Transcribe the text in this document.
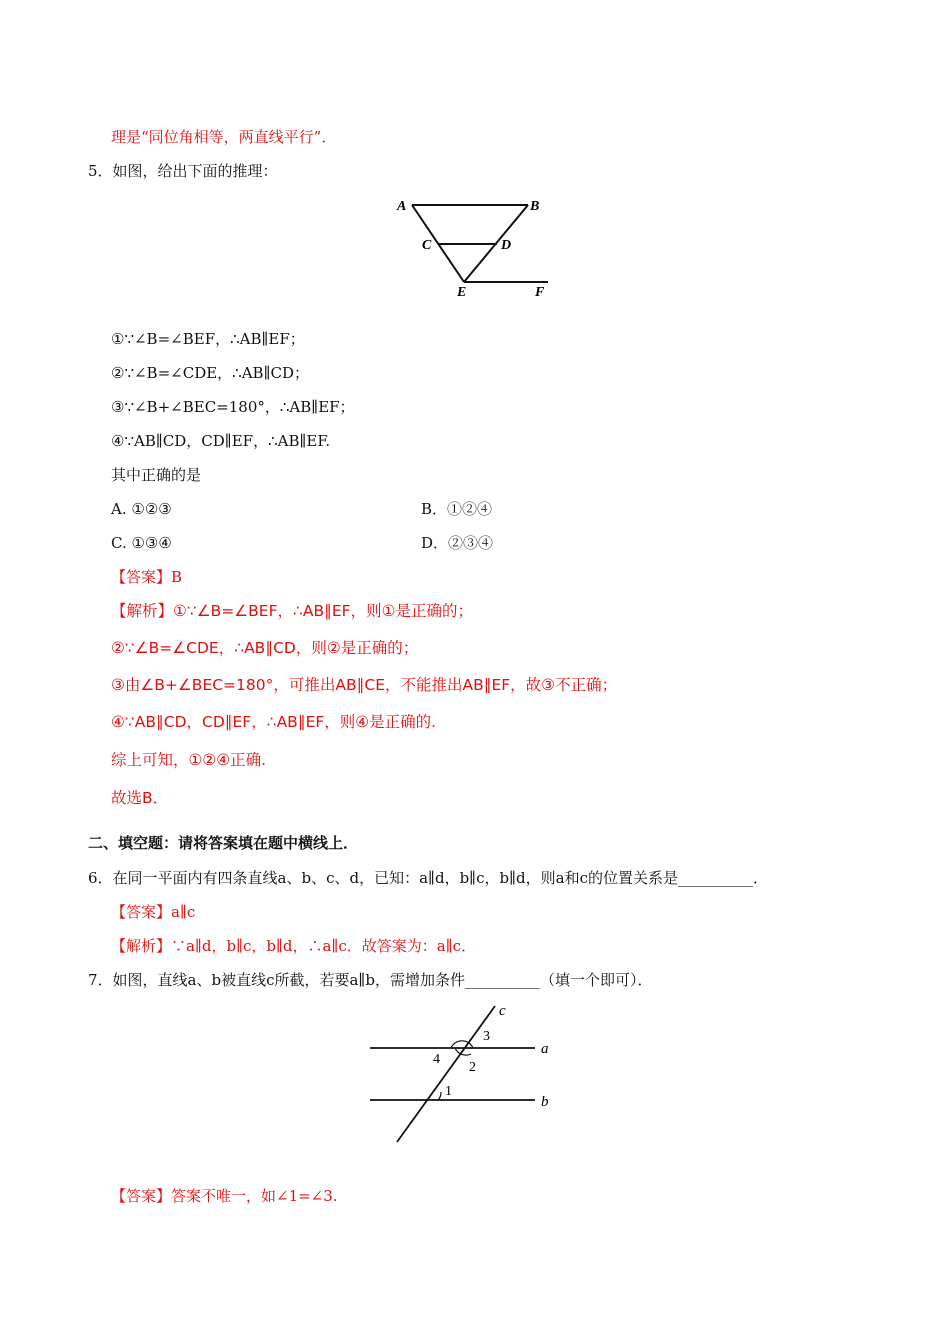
理是“同位角相等，两直线平行”．
5．如图，给出下面的推理：
A	B
C	D
E	F
①∵∠B=∠BEF，∴AB∥EF；
②∵∠B=∠CDE，∴AB∥CD；
③∵∠B+∠BEC=180°，∴AB∥EF；
④∵AB∥CD，CD∥EF，∴AB∥EF.
其中正确的是
A. ①②③	B．①②④
C. ①③④	D．②③④
【答案】B
【解析】①∵∠B=∠BEF，∴AB∥EF，则①是正确的；
②∵∠B=∠CDE，∴AB∥CD，则②是正确的；
③由∠B+∠BEC=180°，可推出AB∥CE，不能推出AB∥EF，故③不正确；
④∵AB∥CD，CD∥EF，∴AB∥EF，则④是正确的.
综上可知，①②④正确.
故选B．
二、填空题：请将答案填在题中横线上．
6．在同一平面内有四条直线a、b、c、d，已知：a∥d，b∥c，b∥d，则a和c的位置关系是__________．
【答案】a∥c
【解析】∵a∥d，b∥c，b∥d，∴a∥c．故答案为：a∥c．
7．如图，直线a、b被直线c所截，若要a∥b，需增加条件__________（填一个即可）．
c
a
b
3
4
2
1
【答案】答案不唯一，如∠1=∠3.
